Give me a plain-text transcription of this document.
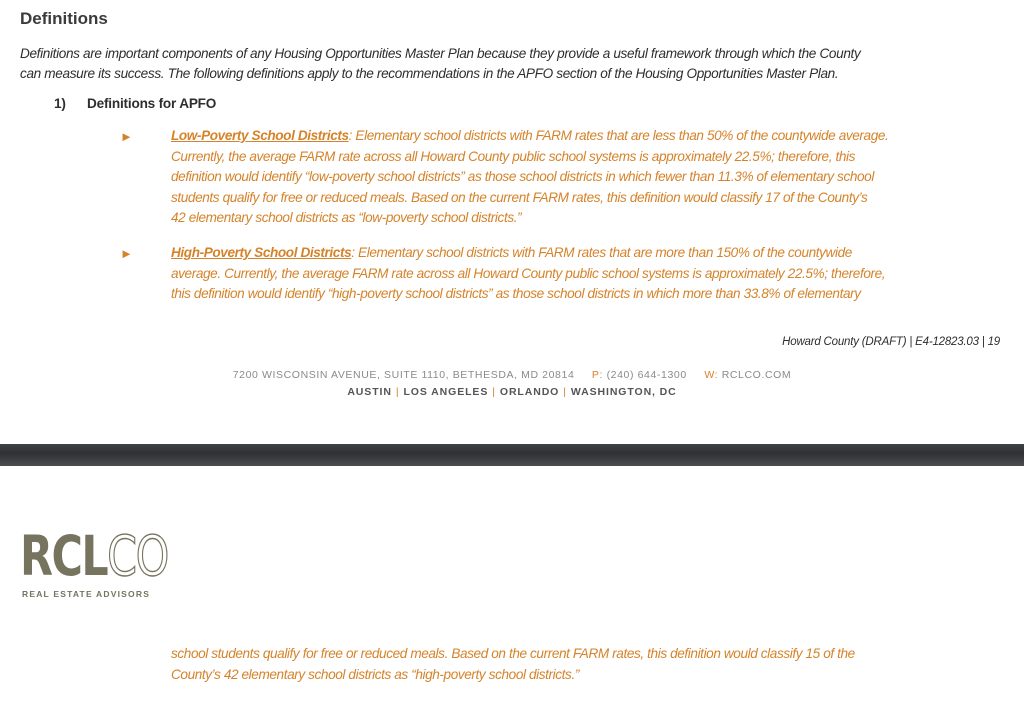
Definitions

Definitions are important components of any Housing Opportunities Master Plan because they provide a useful framework through which the County
can measure its success. The following definitions apply to the recommendations in the APFO section of the Housing Opportunities Master Plan.

1) Definitions for APFO
►	Low-Poverty School Districts: Elementary school districts with FARM rates that are less than 50% of the countywide average.
Currently, the average FARM rate across all Howard County public school systems is approximately 22.5%; therefore, this
definition would identify “low-poverty school districts” as those school districts in which fewer than 11.3% of elementary school
students qualify for free or reduced meals. Based on the current FARM rates, this definition would classify 17 of the County’s
42 elementary school districts as “low-poverty school districts.”

►	High-Poverty School Districts: Elementary school districts with FARM rates that are more than 150% of the countywide
average. Currently, the average FARM rate across all Howard County public school systems is approximately 22.5%; therefore,
this definition would identify “high-poverty school districts” as those school districts in which more than 33.8% of elementary

Howard County (DRAFT) | E4-12823.03 | 19

7200 WISCONSIN AVENUE, SUITE 1110, BETHESDA, MD 20814 P: (240) 644-1300 W: RCLCO.COM
AUSTIN | LOS ANGELES | ORLANDO | WASHINGTON, DC
RCLCO
REAL ESTATE ADVISORS

school students qualify for free or reduced meals. Based on the current FARM rates, this definition would classify 15 of the
County’s 42 elementary school districts as “high-poverty school districts.”
